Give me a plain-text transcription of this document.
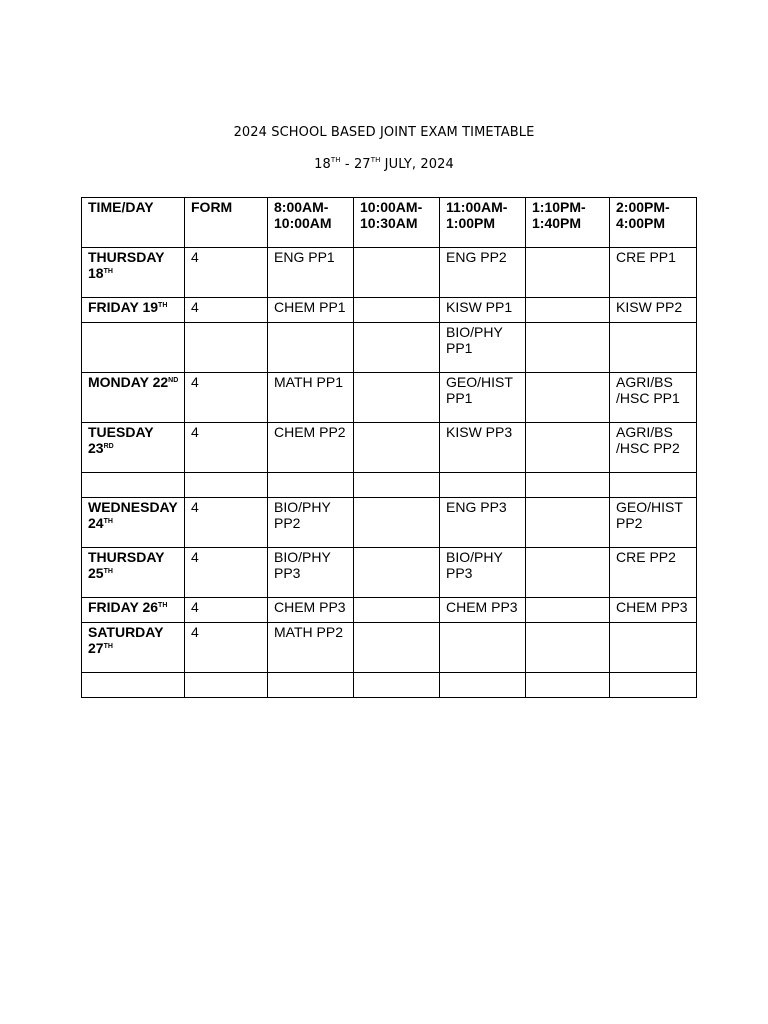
2024 SCHOOL BASED JOINT EXAM TIMETABLE
18TH - 27TH JULY, 2024
TIME/DAY	FORM	8:00AM-10:00AM	10:00AM-10:30AM	11:00AM-1:00PM	1:10PM-1:40PM	2:00PM-4:00PM
THURSDAY 18TH	4	ENG PP1		ENG PP2		CRE PP1
FRIDAY 19TH	4	CHEM PP1		KISW PP1		KISW PP2
				BIO/PHY PP1		
MONDAY 22ND	4	MATH PP1		GEO/HIST PP1		AGRI/BS /HSC PP1
TUESDAY 23RD	4	CHEM PP2		KISW PP3		AGRI/BS /HSC PP2

WEDNESDAY 24TH	4	BIO/PHY PP2		ENG PP3		GEO/HIST PP2
THURSDAY 25TH	4	BIO/PHY PP3		BIO/PHY PP3		CRE PP2
FRIDAY 26TH	4	CHEM PP3		CHEM PP3		CHEM PP3
SATURDAY 27TH	4	MATH PP2				
